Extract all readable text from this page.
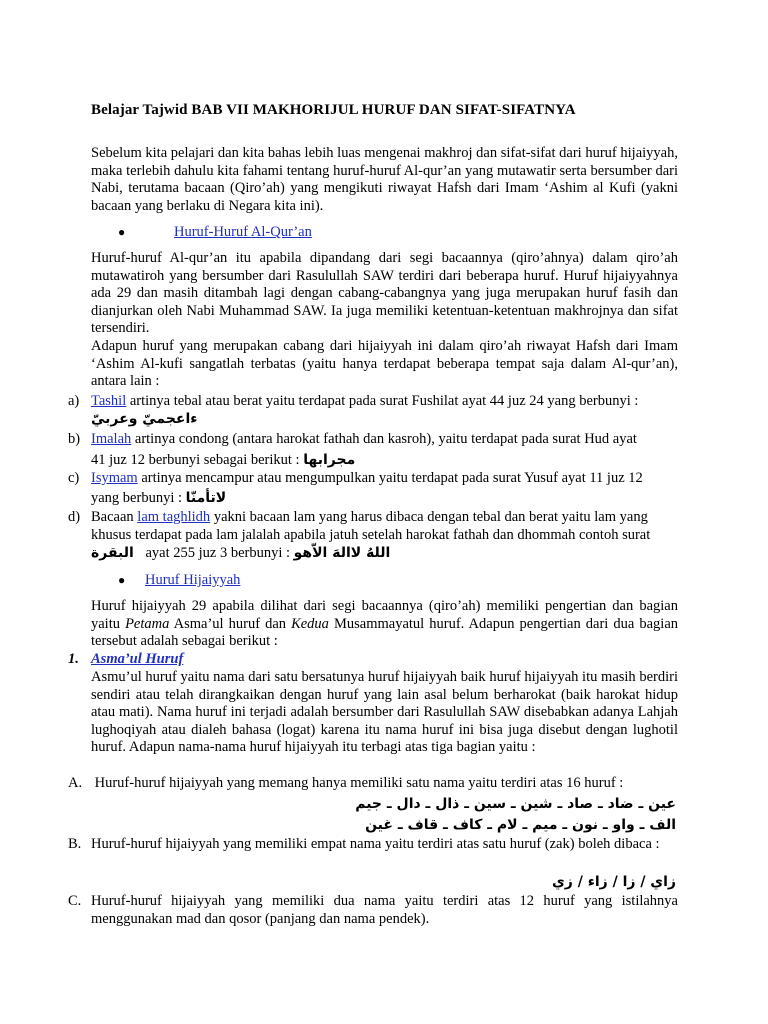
Belajar Tajwid BAB VII MAKHORIJUL HURUF DAN SIFAT-SIFATNYA
Sebelum kita pelajari dan kita bahas lebih luas mengenai makhroj dan sifat-sifat dari huruf hijaiyyah, maka terlebih dahulu kita fahami tentang huruf-huruf Al-qur’an yang mutawatir serta bersumber dari Nabi, terutama bacaan (Qiro’ah) yang mengikuti riwayat Hafsh dari Imam ‘Ashim al Kufi (yakni bacaan yang berlaku di Negara kita ini).
●	Huruf-Huruf Al-Qur’an
Huruf-huruf Al-qur’an itu apabila dipandang dari segi bacaannya (qiro’ahnya) dalam qiro’ah mutawatiroh yang bersumber dari Rasulullah SAW terdiri dari beberapa huruf. Huruf hijaiyyahnya ada 29 dan masih ditambah lagi dengan cabang-cabangnya yang juga merupakan huruf fasih dan dianjurkan oleh Nabi Muhammad SAW. Ia juga memiliki ketentuan-ketentuan makhrojnya dan sifat tersendiri.
Adapun huruf yang merupakan cabang dari hijaiyyah ini dalam qiro’ah riwayat Hafsh dari Imam ‘Ashim Al-kufi sangatlah terbatas (yaitu hanya terdapat beberapa tempat saja dalam Al-qur’an), antara lain :
a) Tashil artinya tebal atau berat yaitu terdapat pada surat Fushilat ayat 44 juz 24 yang berbunyi :
ءاعجميّ وعربيّ
b) Imalah artinya condong (antara harokat fathah dan kasroh), yaitu terdapat pada surat Hud ayat
41 juz 12 berbunyi sebagai berikut : مجرابها
c) Isymam artinya mencampur atau mengumpulkan yaitu terdapat pada surat Yusuf ayat 11 juz 12
yang berbunyi : لاتأمنّا
d) Bacaan lam taghlidh yakni bacaan lam yang harus dibaca dengan tebal dan berat yaitu lam yang
khusus terdapat pada lam jalalah apabila jatuh setelah harokat fathah dan dhommah contoh surat
البقرة ayat 255 juz 3 berbunyi : اللهُ لاالهَ الاّهو
● Huruf Hijaiyyah
Huruf hijaiyyah 29 apabila dilihat dari segi bacaannya (qiro’ah) memiliki pengertian dan bagian yaitu Petama Asma’ul huruf dan Kedua Musammayatul huruf. Adapun pengertian dari dua bagian tersebut adalah sebagai berikut :
1. Asma’ul Huruf
Asmu’ul huruf yaitu nama dari satu bersatunya huruf hijaiyyah baik huruf hijaiyyah itu masih berdiri sendiri atau telah dirangkaikan dengan huruf yang lain asal belum berharokat (baik harokat hidup atau mati). Nama huruf ini terjadi adalah bersumber dari Rasulullah SAW disebabkan adanya Lahjah lughoqiyah atau dialeh bahasa (logat) karena itu nama huruf ini bisa juga disebut dengan lughotil huruf. Adapun nama-nama huruf hijaiyyah itu terbagi atas tiga bagian yaitu :
A. Huruf-huruf hijaiyyah yang memang hanya memiliki satu nama yaitu terdiri atas 16 huruf :
عين ـ ضاد ـ صاد ـ شين ـ سين ـ ذال ـ دال ـ جيم
الف ـ واو ـ نون ـ ميم ـ لام ـ كاف ـ قاف ـ غين
B. Huruf-huruf hijaiyyah yang memiliki empat nama yaitu terdiri atas satu huruf (zak) boleh dibaca :
زاي / زا / زاء / زي
C. Huruf-huruf hijaiyyah yang memiliki dua nama yaitu terdiri atas 12 huruf yang istilahnya menggunakan mad dan qosor (panjang dan nama pendek).
